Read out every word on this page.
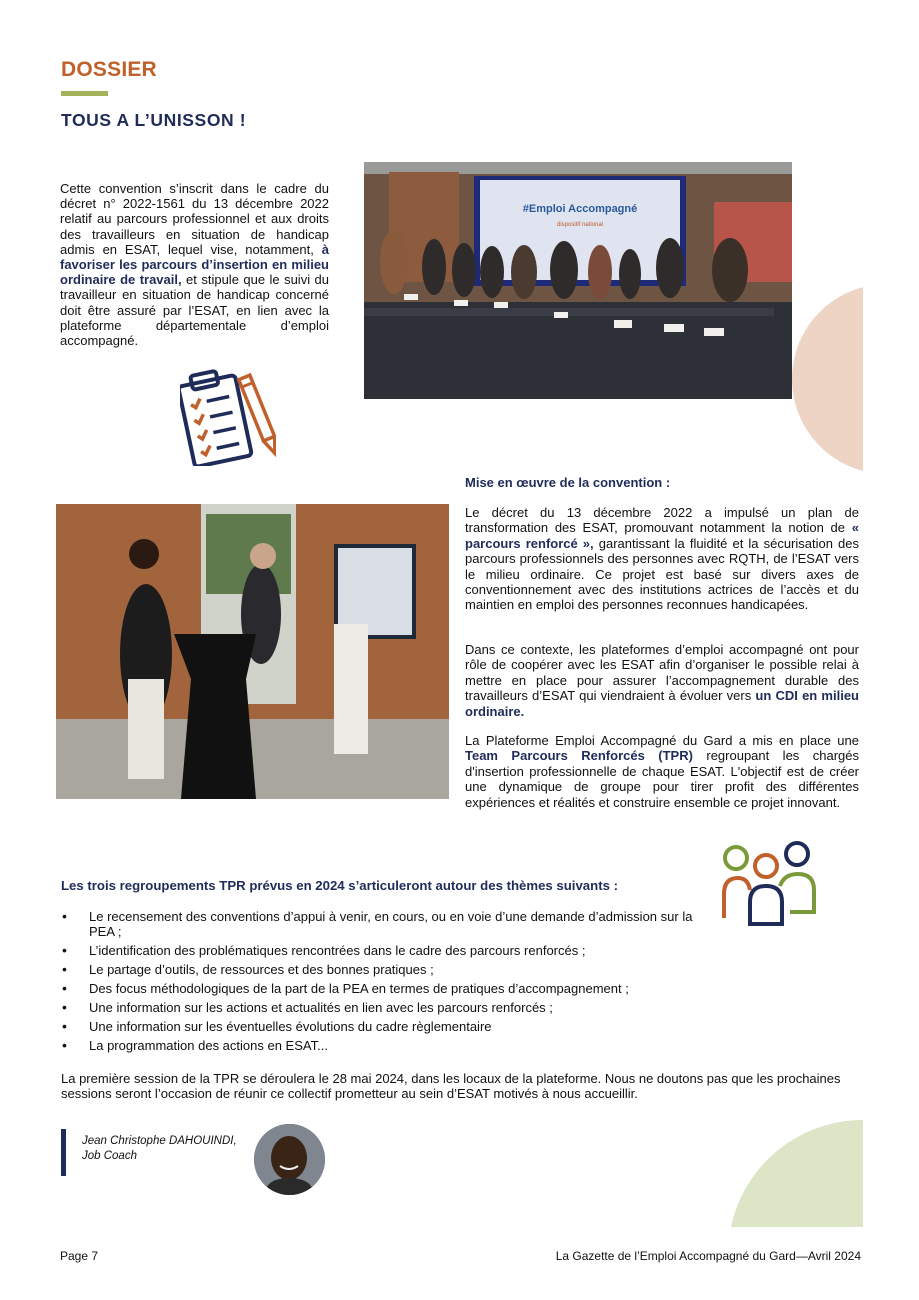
DOSSIER
TOUS A L’UNISSON !
Cette convention s’inscrit dans le cadre du décret n° 2022-1561 du 13 décembre 2022 relatif au parcours professionnel et aux droits des travailleurs en situation de handicap admis en ESAT, lequel vise, notamment, à favoriser les parcours d’insertion en milieu ordinaire de travail, et stipule que le suivi du travailleur en situation de handicap concerné doit être assuré par l’ESAT, en lien avec la plateforme départementale d’emploi accompagné.
#Emploi Accompagné
dispositif national
Mise en œuvre de la convention :
Le décret du 13 décembre 2022 a impulsé un plan de transformation des ESAT, promouvant notamment la notion de « parcours renforcé », garantissant la fluidité et la sécurisation des parcours professionnels des personnes avec RQTH, de l’ESAT vers le milieu ordinaire. Ce projet est basé sur divers axes de conventionnement avec des institutions actrices de l’accès et du maintien en emploi des personnes reconnues handicapées.
Dans ce contexte, les plateformes d’emploi accompagné ont pour rôle de coopérer avec les ESAT afin d’organiser le possible relai à mettre en place pour assurer l’accompagnement durable des travailleurs d’ESAT qui viendraient à évoluer vers un CDI en milieu ordinaire.
La Plateforme Emploi Accompagné du Gard a mis en place une Team Parcours Renforcés (TPR) regroupant les chargés d'insertion professionnelle de chaque ESAT. L'objectif est de créer une dynamique de groupe pour tirer profit des différentes expériences et réalités et construire ensemble ce projet innovant.
Les trois regroupements TPR prévus en 2024 s’articuleront autour des thèmes suivants :
• Le recensement des conventions d’appui à venir, en cours, ou en voie d’une demande d’admission sur la PEA ;
• L’identification des problématiques rencontrées dans le cadre des parcours renforcés ;
• Le partage d’outils, de ressources et des bonnes pratiques ;
• Des focus méthodologiques de la part de la PEA en termes de pratiques d’accompagnement ;
• Une information sur les actions et actualités en lien avec les parcours renforcés ;
• Une information sur les éventuelles évolutions du cadre règlementaire
• La programmation des actions en ESAT...
La première session de la TPR se déroulera le 28 mai 2024, dans les locaux de la plateforme. Nous ne doutons pas que les prochaines sessions seront l’occasion de réunir ce collectif prometteur au sein d’ESAT motivés à nous accueillir.
Jean Christophe DAHOUINDI,
Job Coach
Page 7	La Gazette de l’Emploi Accompagné du Gard—Avril 2024
